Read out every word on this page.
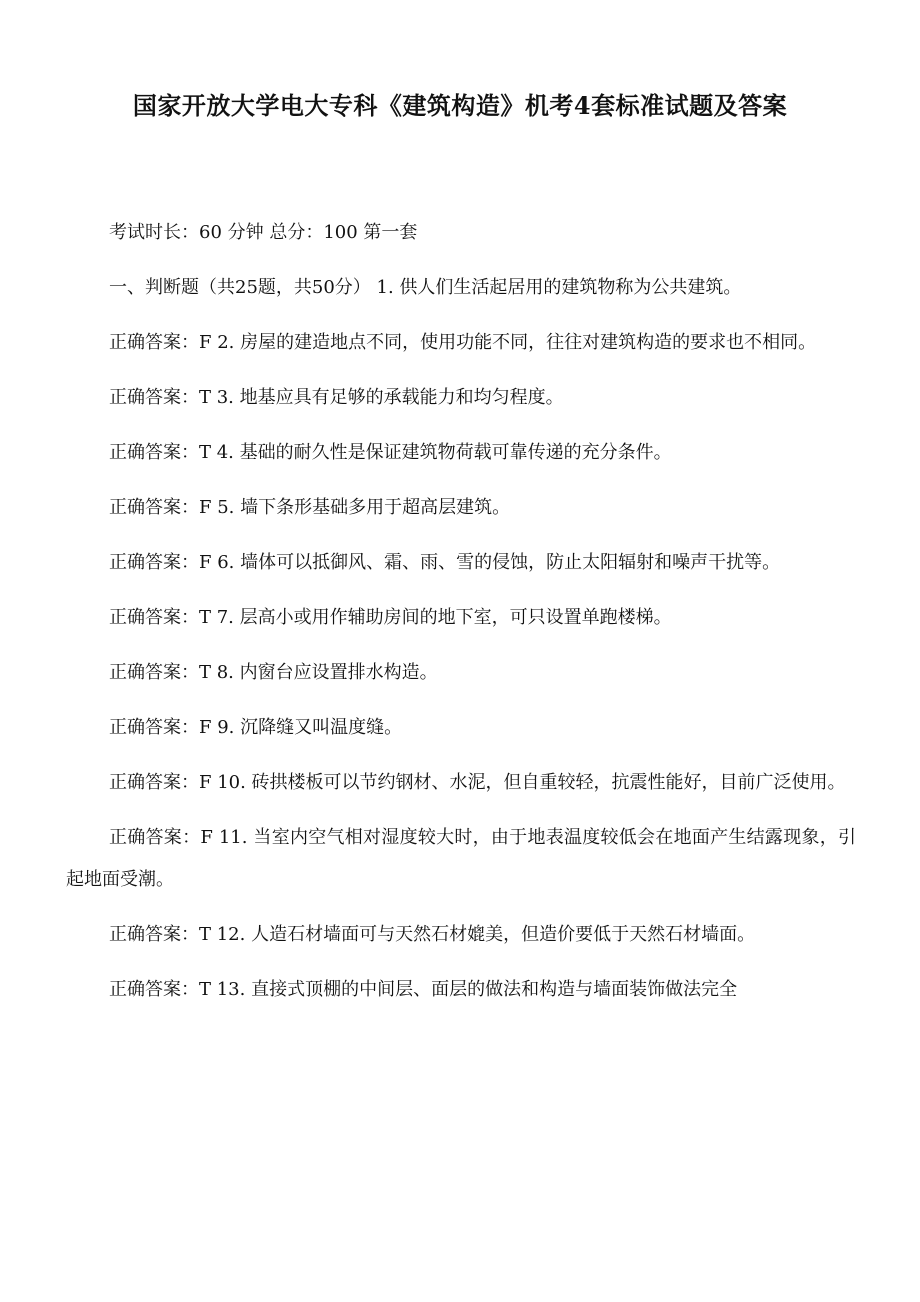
国家开放大学电大专科《建筑构造》机考4套标准试题及答案

考试时长：60 分钟 总分：100 第一套

一、判断题（共25题，共50分） 1. 供人们生活起居用的建筑物称为公共建筑。

正确答案：F 2. 房屋的建造地点不同，使用功能不同，往往对建筑构造的要求也不相同。

正确答案：T 3. 地基应具有足够的承载能力和均匀程度。

正确答案：T 4. 基础的耐久性是保证建筑物荷载可靠传递的充分条件。

正确答案：F 5. 墙下条形基础多用于超高层建筑。

正确答案：F 6. 墙体可以抵御风、霜、雨、雪的侵蚀，防止太阳辐射和噪声干扰等。

正确答案：T 7. 层高小或用作辅助房间的地下室，可只设置单跑楼梯。

正确答案：T 8. 内窗台应设置排水构造。

正确答案：F 9. 沉降缝又叫温度缝。

正确答案：F 10. 砖拱楼板可以节约钢材、水泥，但自重较轻，抗震性能好，目前广泛使用。

正确答案：F 11. 当室内空气相对湿度较大时，由于地表温度较低会在地面产生结露现象，引起地面受潮。

正确答案：T 12. 人造石材墙面可与天然石材媲美，但造价要低于天然石材墙面。

正确答案：T 13. 直接式顶棚的中间层、面层的做法和构造与墙面装饰做法完全
